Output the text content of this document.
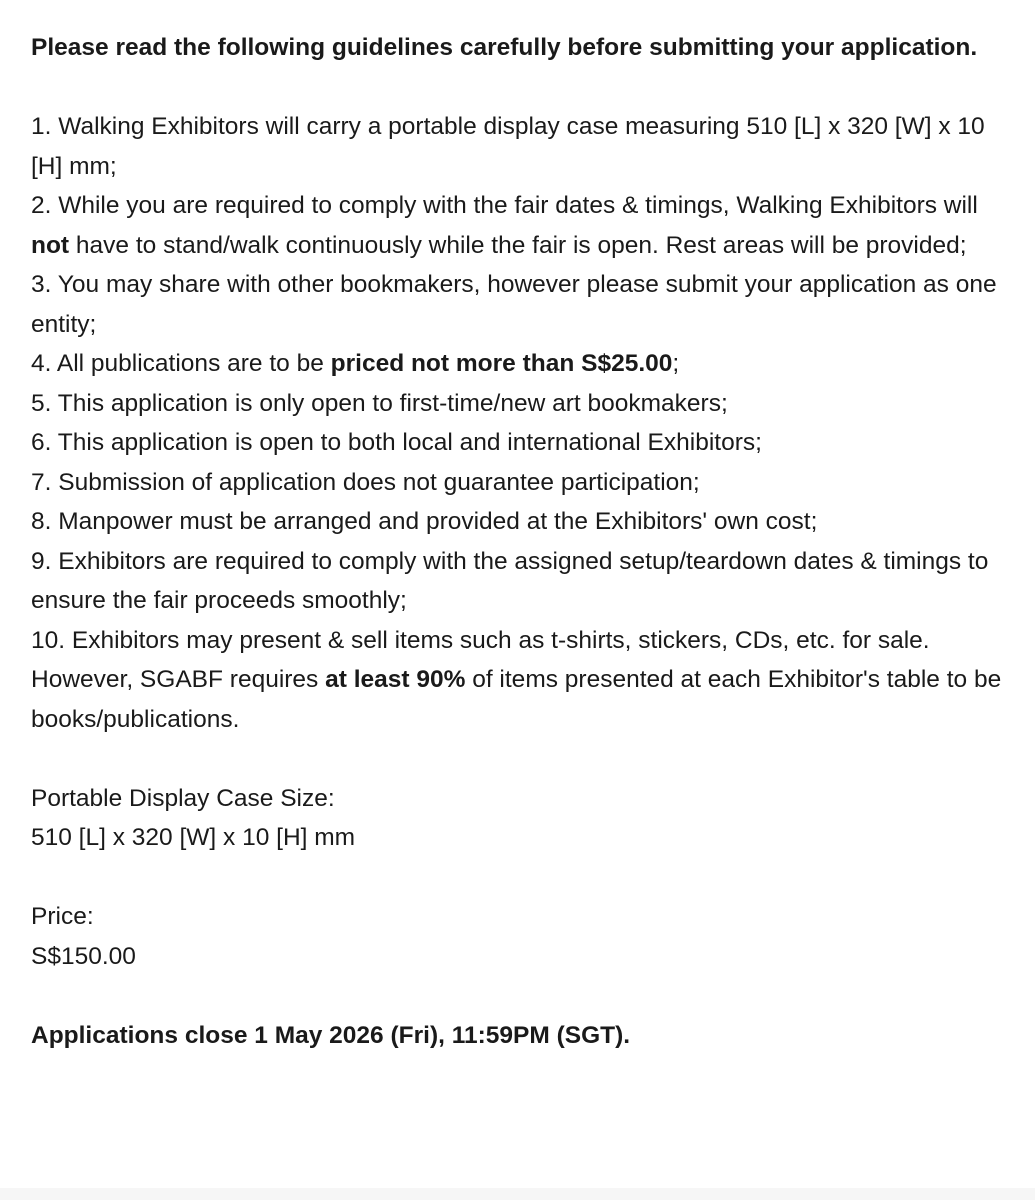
Please read the following guidelines carefully before submitting your application.

1. Walking Exhibitors will carry a portable display case measuring 510 [L] x 320 [W] x 10 [H] mm;

2. While you are required to comply with the fair dates & timings, Walking Exhibitors will not have to stand/walk continuously while the fair is open. Rest areas will be provided;

3. You may share with other bookmakers, however please submit your application as one entity;

4. All publications are to be priced not more than S$25.00;

5. This application is only open to first-time/new art bookmakers;

6. This application is open to both local and international Exhibitors;

7. Submission of application does not guarantee participation;

8. Manpower must be arranged and provided at the Exhibitors' own cost;

9. Exhibitors are required to comply with the assigned setup/teardown dates & timings to ensure the fair proceeds smoothly;

10. Exhibitors may present & sell items such as t-shirts, stickers, CDs, etc. for sale. However, SGABF requires at least 90% of items presented at each Exhibitor's table to be books/publications.

Portable Display Case Size:

510 [L] x 320 [W] x 10 [H] mm

Price:

S$150.00

Applications close 1 May 2026 (Fri), 11:59PM (SGT).
